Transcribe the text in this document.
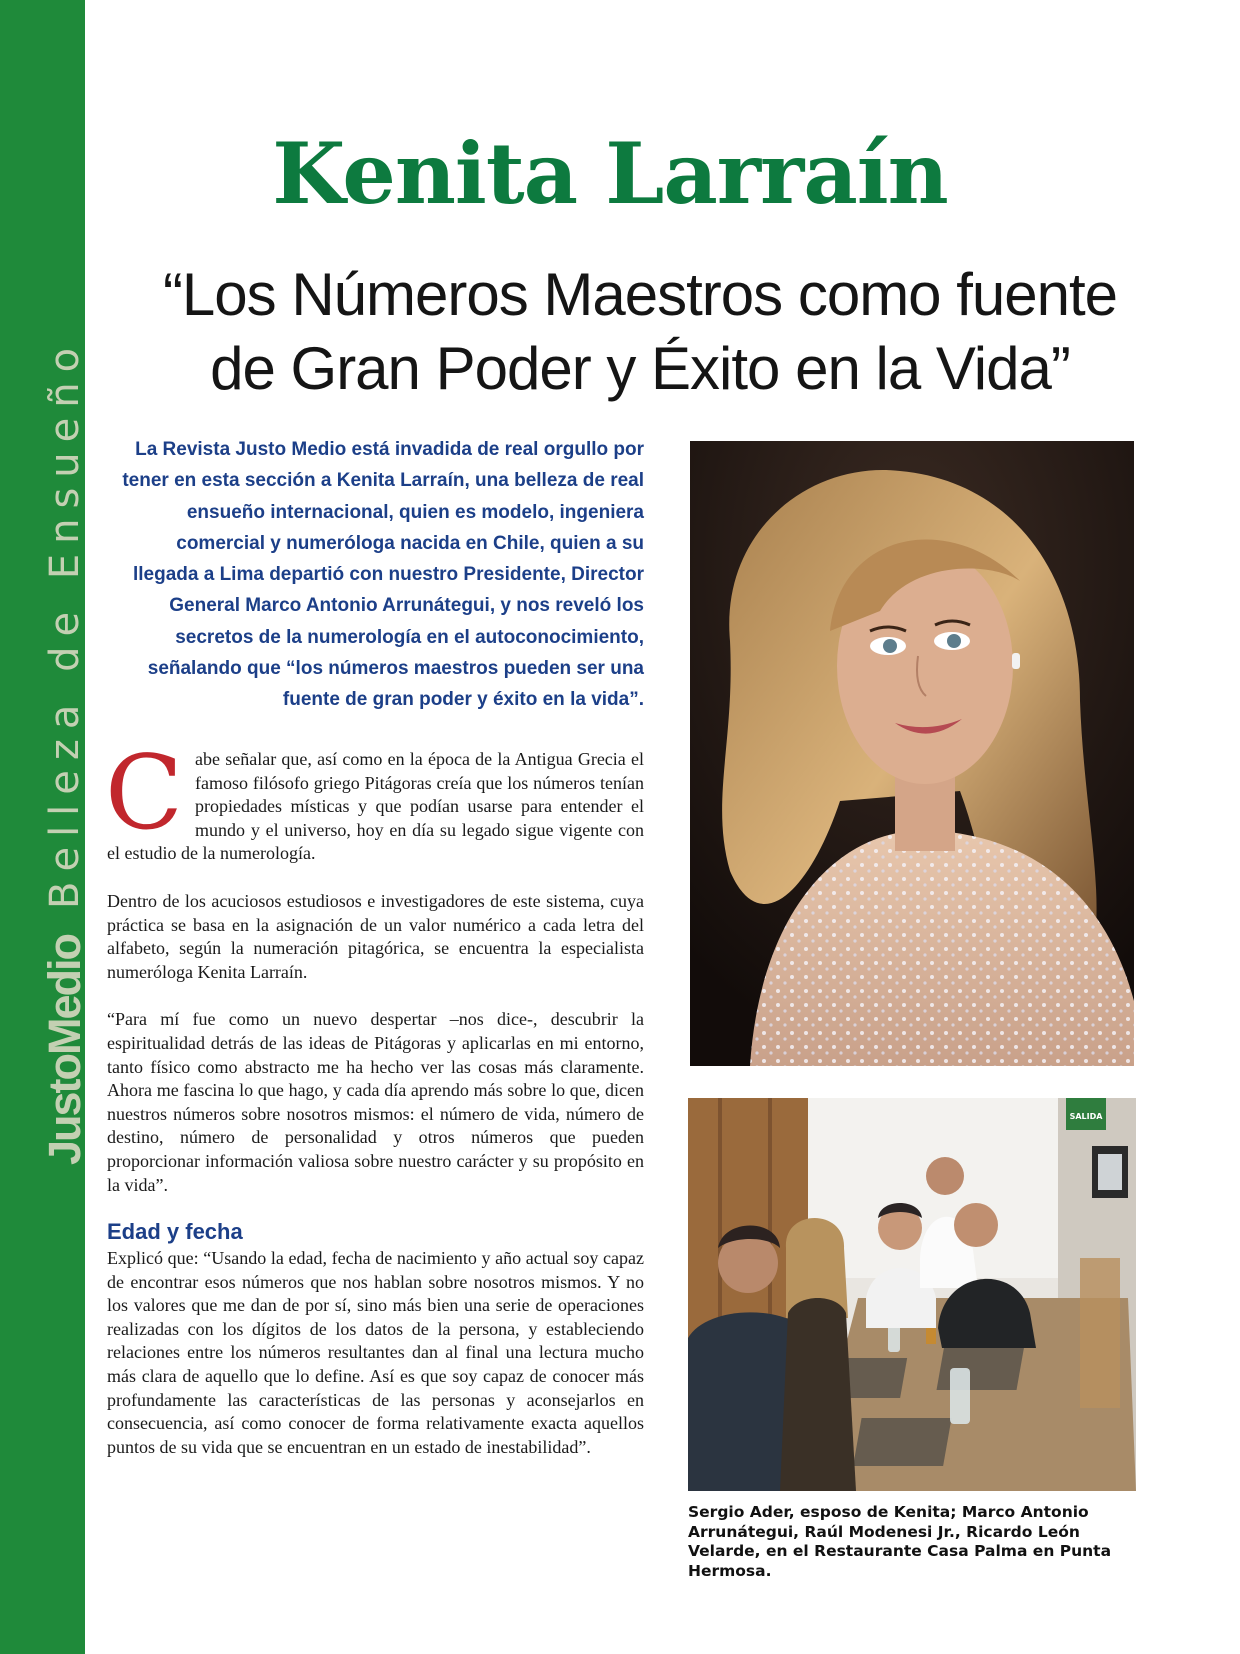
JustoMedio
Belleza de Ensueño
Kenita Larraín
“Los Números Maestros como fuente
de Gran Poder y Éxito en la Vida”

La Revista Justo Medio está invadida de real orgullo por tener en esta sección a Kenita Larraín, una belleza de real ensueño internacional, quien es modelo, ingeniera comercial y numeróloga nacida en Chile, quien a su llegada a Lima departió con nuestro Presidente, Director General Marco Antonio Arrunátegui, y nos reveló los secretos de la numerología en el autoconocimiento, señalando que “los números maestros pueden ser una fuente de gran poder y éxito en la vida”.

Cabe señalar que, así como en la época de la Antigua Grecia el famoso filósofo griego Pitágoras creía que los números tenían propiedades místicas y que podían usarse para entender el mundo y el universo, hoy en día su legado sigue vigente con el estudio de la numerología.

Dentro de los acuciosos estudiosos e investigadores de este sistema, cuya práctica se basa en la asignación de un valor numérico a cada letra del alfabeto, según la numeración pitagórica, se encuentra la especialista numeróloga Kenita Larraín.

“Para mí fue como un nuevo despertar –nos dice-, descubrir la espiritualidad detrás de las ideas de Pitágoras y aplicarlas en mi entorno, tanto físico como abstracto me ha hecho ver las cosas más claramente. Ahora me fascina lo que hago, y cada día aprendo más sobre lo que, dicen nuestros números sobre nosotros mismos: el número de vida, número de destino, número de personalidad y otros números que pueden proporcionar información valiosa sobre nuestro carácter y su propósito en la vida”.

Edad y fecha

Explicó que: “Usando la edad, fecha de nacimiento y año actual soy capaz de encontrar esos números que nos hablan sobre nosotros mismos. Y no los valores que me dan de por sí, sino más bien una serie de operaciones realizadas con los dígitos de los datos de la persona, y estableciendo relaciones entre los números resultantes dan al final una lectura mucho más clara de aquello que lo define. Así es que soy capaz de conocer más profundamente las características de las personas y aconsejarlos en consecuencia, así como conocer de forma relativamente exacta aquellos puntos de su vida que se encuentran en un estado de inestabilidad”.

SALIDA

Sergio Ader, esposo de Kenita; Marco Antonio Arrunátegui, Raúl Modenesi Jr., Ricardo León Velarde, en el Restaurante Casa Palma en Punta Hermosa.
